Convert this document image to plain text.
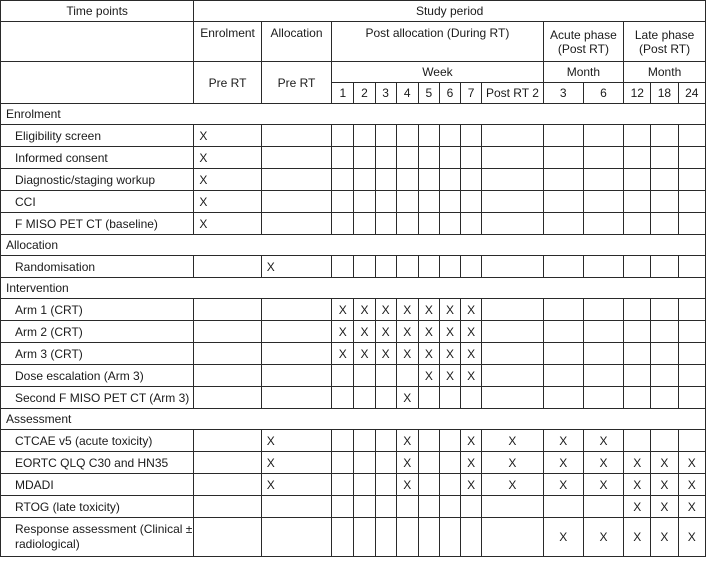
Time points	Study period														
	Enrolment	Allocation	Post allocation (During RT)								Acute phase (Post RT)		Late phase (Post RT)		
	Pre RT	Pre RT	Week								Month		Month		
			1	2	3	4	5	6	7	Post RT 2	3	6	12	18	24
Enrolment															
Eligibility screen	X														
Informed consent	X														
Diagnostic/staging workup	X														
CCI	X														
F MISO PET CT (baseline)	X														
Allocation															
Randomisation		X													
Intervention															
Arm 1 (CRT)			X	X	X	X	X	X	X						
Arm 2 (CRT)			X	X	X	X	X	X	X						
Arm 3 (CRT)			X	X	X	X	X	X	X						
Dose escalation (Arm 3)							X	X	X						
Second F MISO PET CT (Arm 3)						X									
Assessment															
CTCAE v5 (acute toxicity)		X				X			X	X	X	X			
EORTC QLQ C30 and HN35		X				X			X	X	X	X	X	X	X
MDADI		X				X			X	X	X	X	X	X	X
RTOG (late toxicity)													X	X	X
Response assessment (Clinical ± radiological)											X	X	X	X	X
